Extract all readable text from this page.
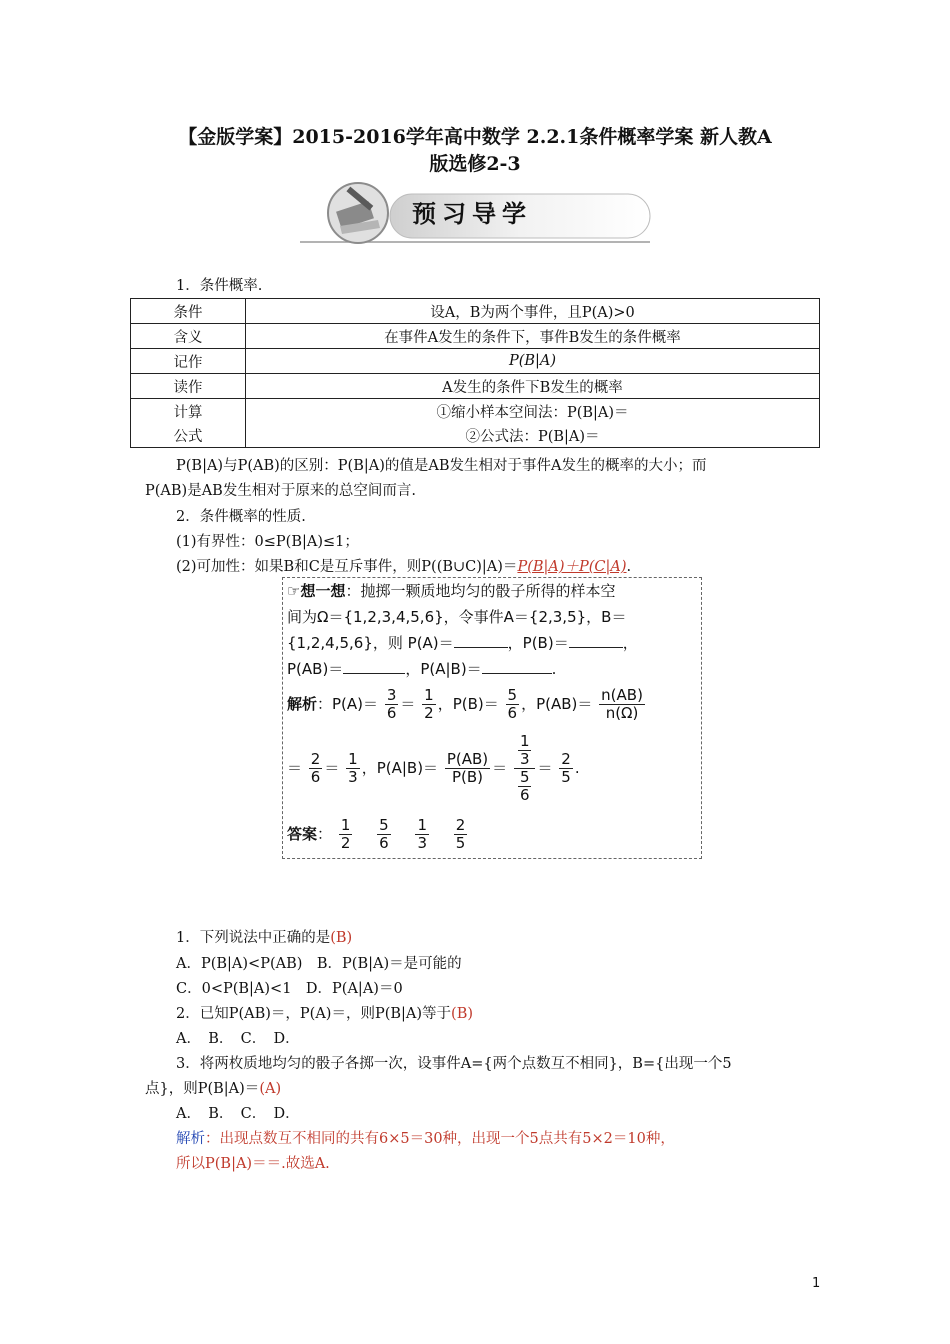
【金版学案】2015-2016学年高中数学 2.2.1条件概率学案 新人教A
版选修2-3
预习导学
1．条件概率.
条件	设A，B为两个事件，且P(A)>0
含义	在事件A发生的条件下，事件B发生的条件概率
记作	P(B|A)
读作	A发生的条件下B发生的概率
计算	①缩小样本空间法：P(B|A)＝
公式	②公式法：P(B|A)＝
P(B|A)与P(AB)的区别：P(B|A)的值是AB发生相对于事件A发生的概率的大小；而
P(AB)是AB发生相对于原来的总空间而言.
2．条件概率的性质.
(1)有界性：0≤P(B|A)≤1；
(2)可加性：如果B和C是互斥事件，则P((B∪C)|A)＝P(B|A)＋P(C|A).
☞想一想：抛掷一颗质地均匀的骰子所得的样本空
间为Ω＝{1,2,3,4,5,6}，令事件A＝{2,3,5}，B＝
{1,2,4,5,6}，则 P(A)＝	，P(B)＝	，
P(AB)＝	，P(A|B)＝	.
解析：$P(A)= \frac{3}{6} = \frac{1}{2}$ ，$P(B)= \frac{5}{6}$ ，$P(AB)= \frac{n(AB)}{n(\Omega)}$
＝ $\frac{2}{6} = \frac{1}{3}$ ，$P(A|B)= \frac{P(AB)}{P(B)} = \frac{\frac{1}{3}}{\frac{5}{6}} = \frac{2}{5}$ .
答案： $\frac{1}{2}$
$\frac{5}{6}$
$\frac{1}{3}$
$\frac{2}{5}$
1．下列说法中正确的是(B)
A．P(B|A)<P(AB)　B．P(B|A)＝是可能的
C．0<P(B|A)<1　D．P(A|A)＝0
2．已知P(AB)＝，P(A)＝，则P(B|A)等于(B)
A．　B．　C．　D．
3．将两枚质地均匀的骰子各掷一次，设事件A={两个点数互不相同}，B={出现一个5
点}，则P(B|A)＝(A)
A．　B．　C．　D．
解析：出现点数互不相同的共有6×5＝30种，出现一个5点共有5×2＝10种，
所以P(B|A)＝＝.故选A.
1
